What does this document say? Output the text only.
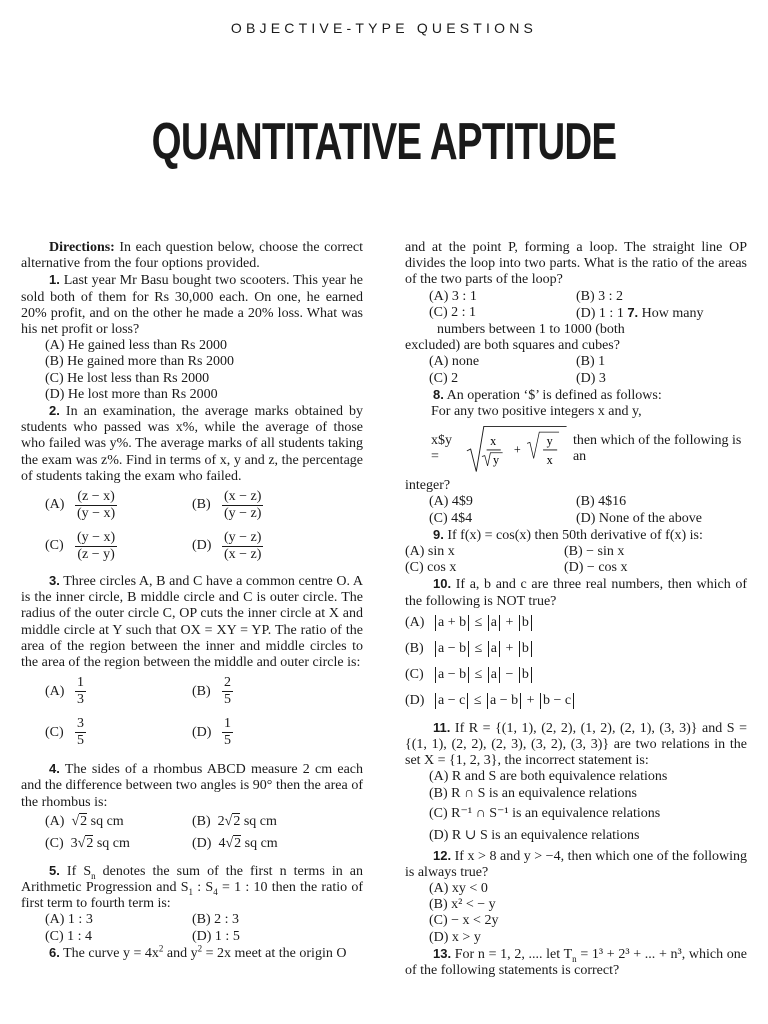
OBJECTIVE-TYPE QUESTIONS
QUANTITATIVE APTITUDE

Directions: In each question below, choose the correct alternative from the four options provided.

1. Last year Mr Basu bought two scooters. This year he sold both of them for Rs 30,000 each. On one, he earned 20% profit, and on the other he made a 20% loss. What was his net profit or loss?

(A) He gained less than Rs 2000
(B) He gained more than Rs 2000
(C) He lost less than Rs 2000
(D) He lost more than Rs 2000

2. In an examination, the average marks obtained by students who passed was x%, while the average of those who failed was y%. The average marks of all students taking the exam was z%. Find in terms of x, y and z, the percentage of students taking the exam who failed.

$(A) \frac{(z - x)}{(y - x)}$	$(B) \frac{(x - z)}{(y - z)}$
$(C) \frac{(y - x)}{(z - y)}$	$(D) \frac{(y - z)}{(x - z)}$

3. Three circles A, B and C have a common centre O. A is the inner circle, B middle circle and C is outer circle. The radius of the outer circle C, OP cuts the inner circle at X and middle circle at Y such that OX = XY = YP. The ratio of the area of the region between the inner and middle circles to the area of the region between the middle and outer circle is:

$(A) \frac{1}{3}$	$(B) \frac{2}{5}$
$(C) \frac{3}{5}$	$(D) \frac{1}{5}$

4. The sides of a rhombus ABCD measure 2 cm each and the difference between two angles is 90° then the area of the rhombus is:

(A) √2 sq cm	(B) 2√2 sq cm
(C) 3√2 sq cm	(D) 4√2 sq cm

5. If $S_n$ denotes the sum of the first n terms in an Arithmetic Progression and $S_1$ : $S_4 = 1$ : 10 then the ratio of first term to fourth term is:

(A) 1 : 3	(B) 2 : 3
(C) 1 : 4	(D) 1 : 5

6. The curve $y = 4x^2$ and $y^2 = 2x$ meet at the origin O

and at the point P, forming a loop. The straight line OP divides the loop into two parts. What is the ratio of the areas of the two parts of the loop?

(A) 3 : 1	(B) 3 : 2
(C) 2 : 1	(D) 1 : 1 7. How many

numbers between 1 to 1000 (both

excluded) are both squares and cubes?

(A) none	(B) 1
(C) 2	(D) 3

8. An operation ‘$’ is defined as follows:

For any two positive integers x and y,

x$y =
x
y
+
y
x
then which of the following is an

integer?

(A) 4$9	(B) 4$16
(C) 4$4	(D) None of the above

9. If f(x) = cos(x) then 50th derivative of f(x) is:

(A) sin x	(B) − sin x
(C) cos x	(D) − cos x

10. If a, b and c are three real numbers, then which of the following is NOT true?

(A) a + b
≤
a
+
b
(B)	a − b
≤
a
+
b
(C)	a − b
≤
a
−
b
(D) a − c
≤
a − b
+
b − c

11. If R = {(1, 1), (2, 2), (1, 2), (2, 1), (3, 3)} and S = {(1, 1), (2, 2), (2, 3), (3, 2), (3, 3)} are two relations in the set X = {1, 2, 3}, the incorrect statement is:

(A) R and S are both equivalence relations
(B) R ∩ S is an equivalence relations
(C) R⁻¹ ∩ S⁻¹ is an equivalence relations
(D) R ∪ S is an equivalence relations

12. If x > 8 and y > −4, then which one of the following is always true?

(A) xy < 0
(B) x² < − y
(C) − x < 2y
(D) x > y

13. For n = 1, 2, .... let $T_n = 1^3 + 2^3$ + ... + n³, which one of the following statements is correct?
